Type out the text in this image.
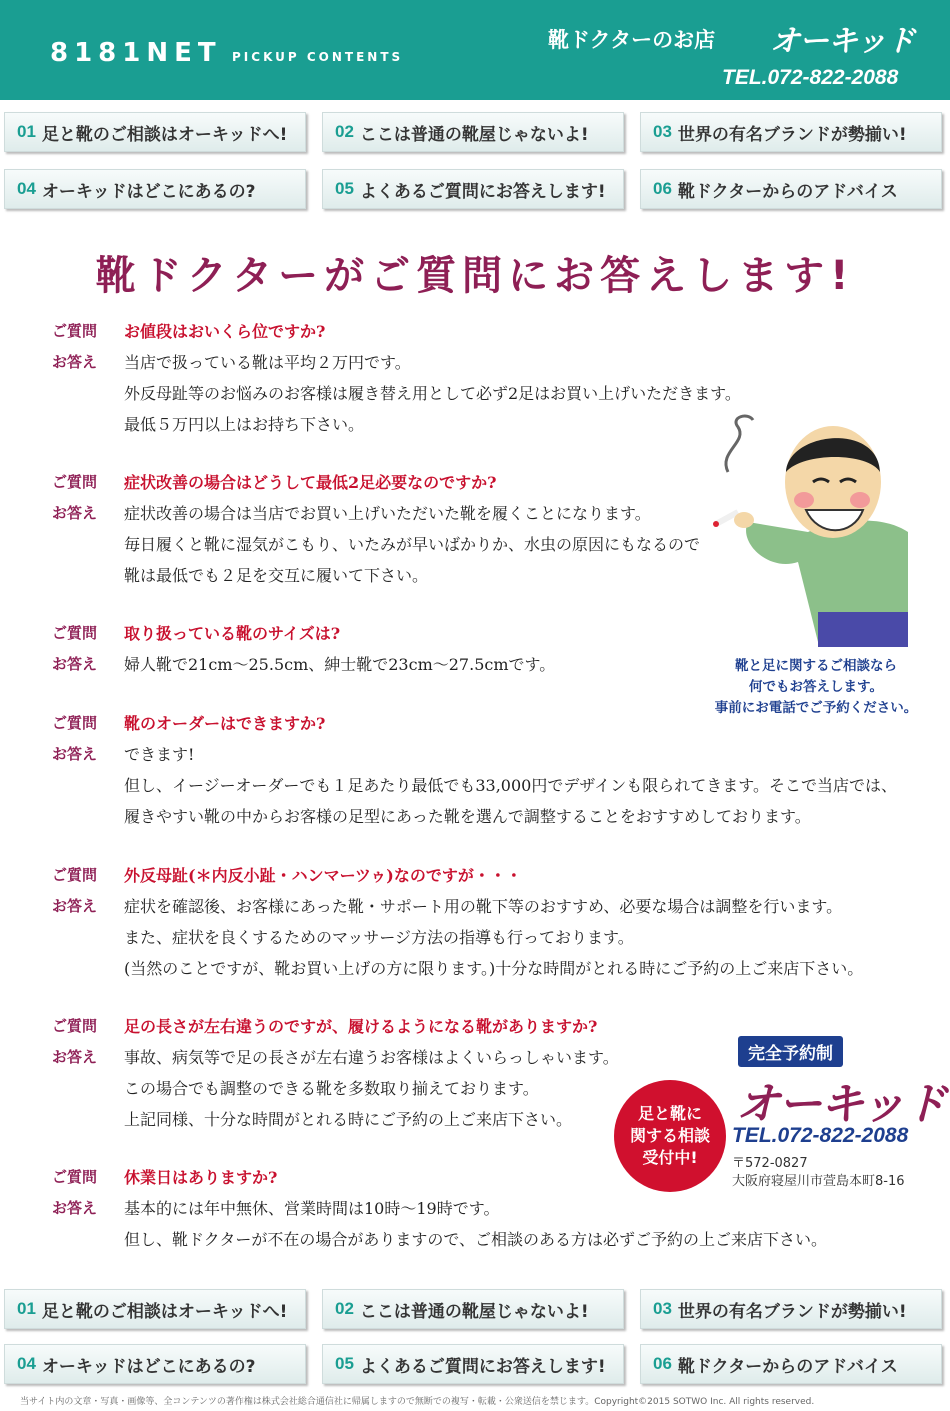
8181NET PICKUP CONTENTS
靴ドクターのお店 オーキッド
TEL.072-822-2088
01 足と靴のご相談はオーキッドへ!	02 ここは普通の靴屋じゃないよ!	03 世界の有名ブランドが勢揃い!
04 オーキッドはどこにあるの?	05 よくあるご質問にお答えします!	06 靴ドクターからのアドバイス
靴ドクターがご質問にお答えします!
ご質問	お値段はおいくら位ですか?
お答え	当店で扱っている靴は平均２万円です。
外反母趾等のお悩みのお客様は履き替え用として必ず2足はお買い上げいただきます。
最低５万円以上はお持ち下さい。
ご質問	症状改善の場合はどうして最低2足必要なのですか?
お答え	症状改善の場合は当店でお買い上げいただいた靴を履くことになります。
毎日履くと靴に湿気がこもり、いたみが早いばかりか、水虫の原因にもなるので
靴は最低でも２足を交互に履いて下さい。
ご質問	取り扱っている靴のサイズは?
お答え	婦人靴で21cm～25.5cm、紳士靴で23cm～27.5cmです。
ご質問	靴のオーダーはできますか?
お答え	できます!
但し、イージーオーダーでも１足あたり最低でも33,000円でデザインも限られてきます。そこで当店では、
履きやすい靴の中からお客様の足型にあった靴を選んで調整することをおすすめしております。
ご質問	外反母趾(＊内反小趾・ハンマーツゥ)なのですが・・・
お答え	症状を確認後、お客様にあった靴・サポート用の靴下等のおすすめ、必要な場合は調整を行います。
また、症状を良くするためのマッサージ方法の指導も行っております。
(当然のことですが、靴お買い上げの方に限ります。)十分な時間がとれる時にご予約の上ご来店下さい。
ご質問	足の長さが左右違うのですが、履けるようになる靴がありますか?
お答え	事故、病気等で足の長さが左右違うお客様はよくいらっしゃいます。
この場合でも調整のできる靴を多数取り揃えております。
上記同様、十分な時間がとれる時にご予約の上ご来店下さい。
ご質問	休業日はありますか?
お答え	基本的には年中無休、営業時間は10時～19時です。
但し、靴ドクターが不在の場合がありますので、ご相談のある方は必ずご予約の上ご来店下さい。
靴と足に関するご相談なら
何でもお答えします。
事前にお電話でご予約ください。
完全予約制
オーキッド
TEL.072-822-2088
〒572-0827
大阪府寝屋川市萱島本町8-16
足と靴に
関する相談
受付中!
01 足と靴のご相談はオーキッドへ!	02 ここは普通の靴屋じゃないよ!	03 世界の有名ブランドが勢揃い!
04 オーキッドはどこにあるの?	05 よくあるご質問にお答えします!	06 靴ドクターからのアドバイス
当サイト内の文章・写真・画像等、全コンテンツの著作権は株式会社総合通信社に帰属しますので無断での複写・転載・公衆送信を禁じます。Copyright©2015 SOTWO Inc. All rights reserved.
